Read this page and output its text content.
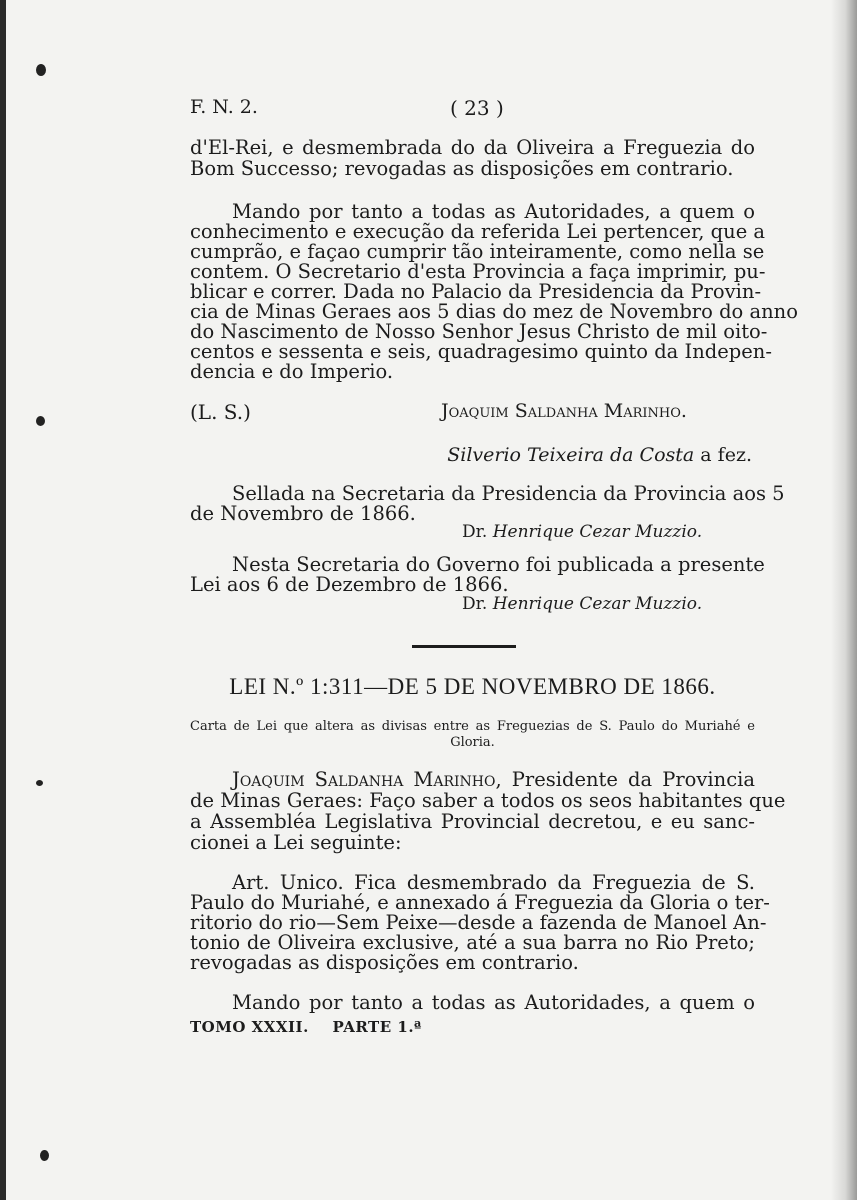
F. N. 2.	( 23 )
d'El-Rei, e desmembrada do da Oliveira a Freguezia do
Bom Successo; revogadas as disposições em contrario.
Mando por tanto a todas as Autoridades, a quem o
conhecimento e execução da referida Lei pertencer, que a
cumprão, e façao cumprir tão inteiramente, como nella se
contem. O Secretario d'esta Provincia a faça imprimir, pu-
blicar e correr. Dada no Palacio da Presidencia da Provin-
cia de Minas Geraes aos 5 dias do mez de Novembro do anno
do Nascimento de Nosso Senhor Jesus Christo de mil oito-
centos e sessenta e seis, quadragesimo quinto da Indepen-
dencia e do Imperio.
(L. S.)	Joaquim Saldanha Marinho.
Silverio Teixeira da Costa a fez.
Sellada na Secretaria da Presidencia da Provincia aos 5
de Novembro de 1866.
Dr. Henrique Cezar Muzzio.
Nesta Secretaria do Governo foi publicada a presente
Lei aos 6 de Dezembro de 1866.
Dr. Henrique Cezar Muzzio.
LEI N.º 1:311—DE 5 DE NOVEMBRO DE 1866.
Carta de Lei que altera as divisas entre as Freguezias de S. Paulo do Muriahé e
Gloria.
Joaquim Saldanha Marinho, Presidente da Provincia
de Minas Geraes: Faço saber a todos os seos habitantes que
a Assembléa Legislativa Provincial decretou, e eu sanc-
cionei a Lei seguinte:
Art. Unico. Fica desmembrado da Freguezia de S.
Paulo do Muriahé, e annexado á Freguezia da Gloria o ter-
ritorio do rio—Sem Peixe—desde a fazenda de Manoel An-
tonio de Oliveira exclusive, até a sua barra no Rio Preto;
revogadas as disposições em contrario.
Mando por tanto a todas as Autoridades, a quem o
TOMO XXXII. PARTE 1.ª
